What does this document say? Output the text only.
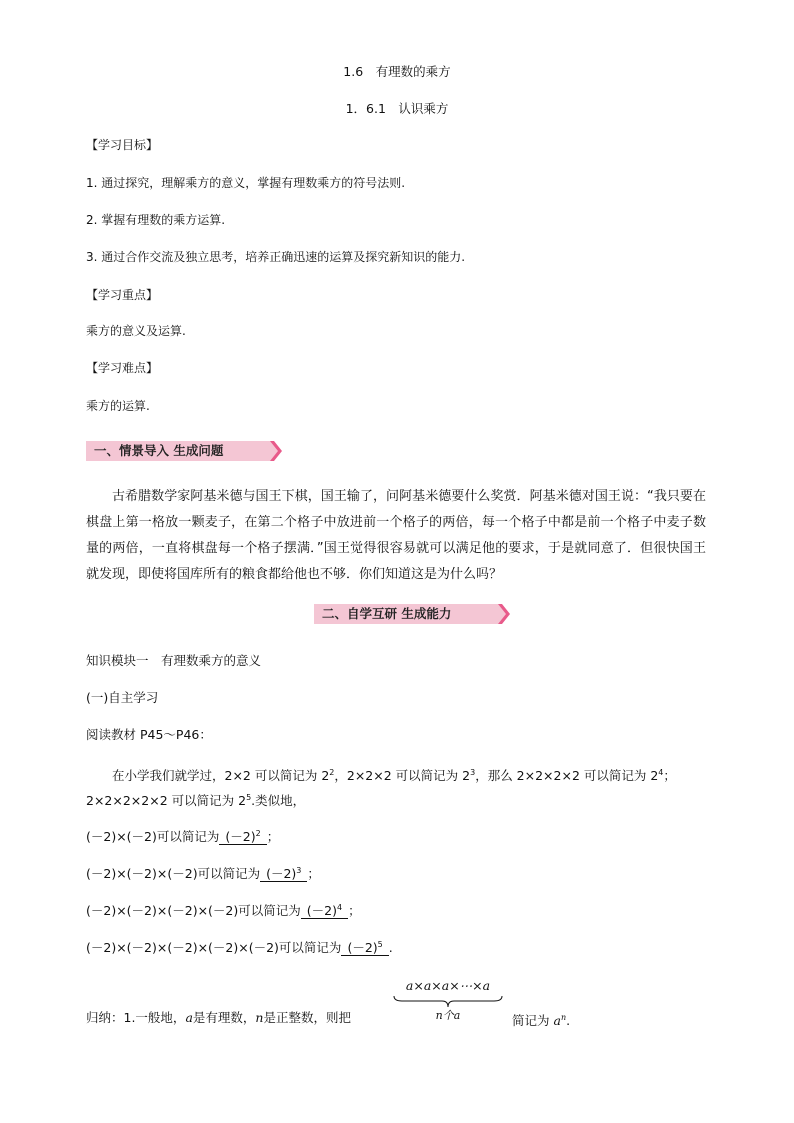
1.6　有理数的乘方
1．6.1　认识乘方
【学习目标】
1. 通过探究，理解乘方的意义，掌握有理数乘方的符号法则.
2. 掌握有理数的乘方运算.
3. 通过合作交流及独立思考，培养正确迅速的运算及探究新知识的能力.
【学习重点】
乘方的意义及运算.
【学习难点】
乘方的运算.
一、情景导入 生成问题

古希腊数学家阿基米德与国王下棋，国王输了，问阿基米德要什么奖赏．阿基米德对国王说：“我只要在棋盘上第一格放一颗麦子，在第二个格子中放进前一个格子的两倍，每一个格子中都是前一个格子中麦子数量的两倍，一直将棋盘每一个格子摆满．”国王觉得很容易就可以满足他的要求，于是就同意了．但很快国王就发现，即使将国库所有的粮食都给他也不够．你们知道这是为什么吗？

二、自学互研 生成能力
知识模块一　有理数乘方的意义
(一)自主学习
阅读教材 P45～P46：
在小学我们就学过，2×2 可以简记为 $2^2$，2×2×2 可以简记为 $2^3$，那么 2×2×2×2 可以简记为 $2^4$；
2×2×2×2×2 可以简记为 $2^5$.类似地，
(－2)×(－2)可以简记为 $(-2)^2$ ；
(－2)×(－2)×(－2)可以简记为 $(-2)^3$ ；
(－2)×(－2)×(－2)×(－2)可以简记为 $(-2)^4$ ；
(－2)×(－2)×(－2)×(－2)×(－2)可以简记为 $(-2)^5$ .
a×a×a×⋯×a
n个a
归纳：1.一般地，a是有理数，n是正整数，则把	简记为 $a^n$.
